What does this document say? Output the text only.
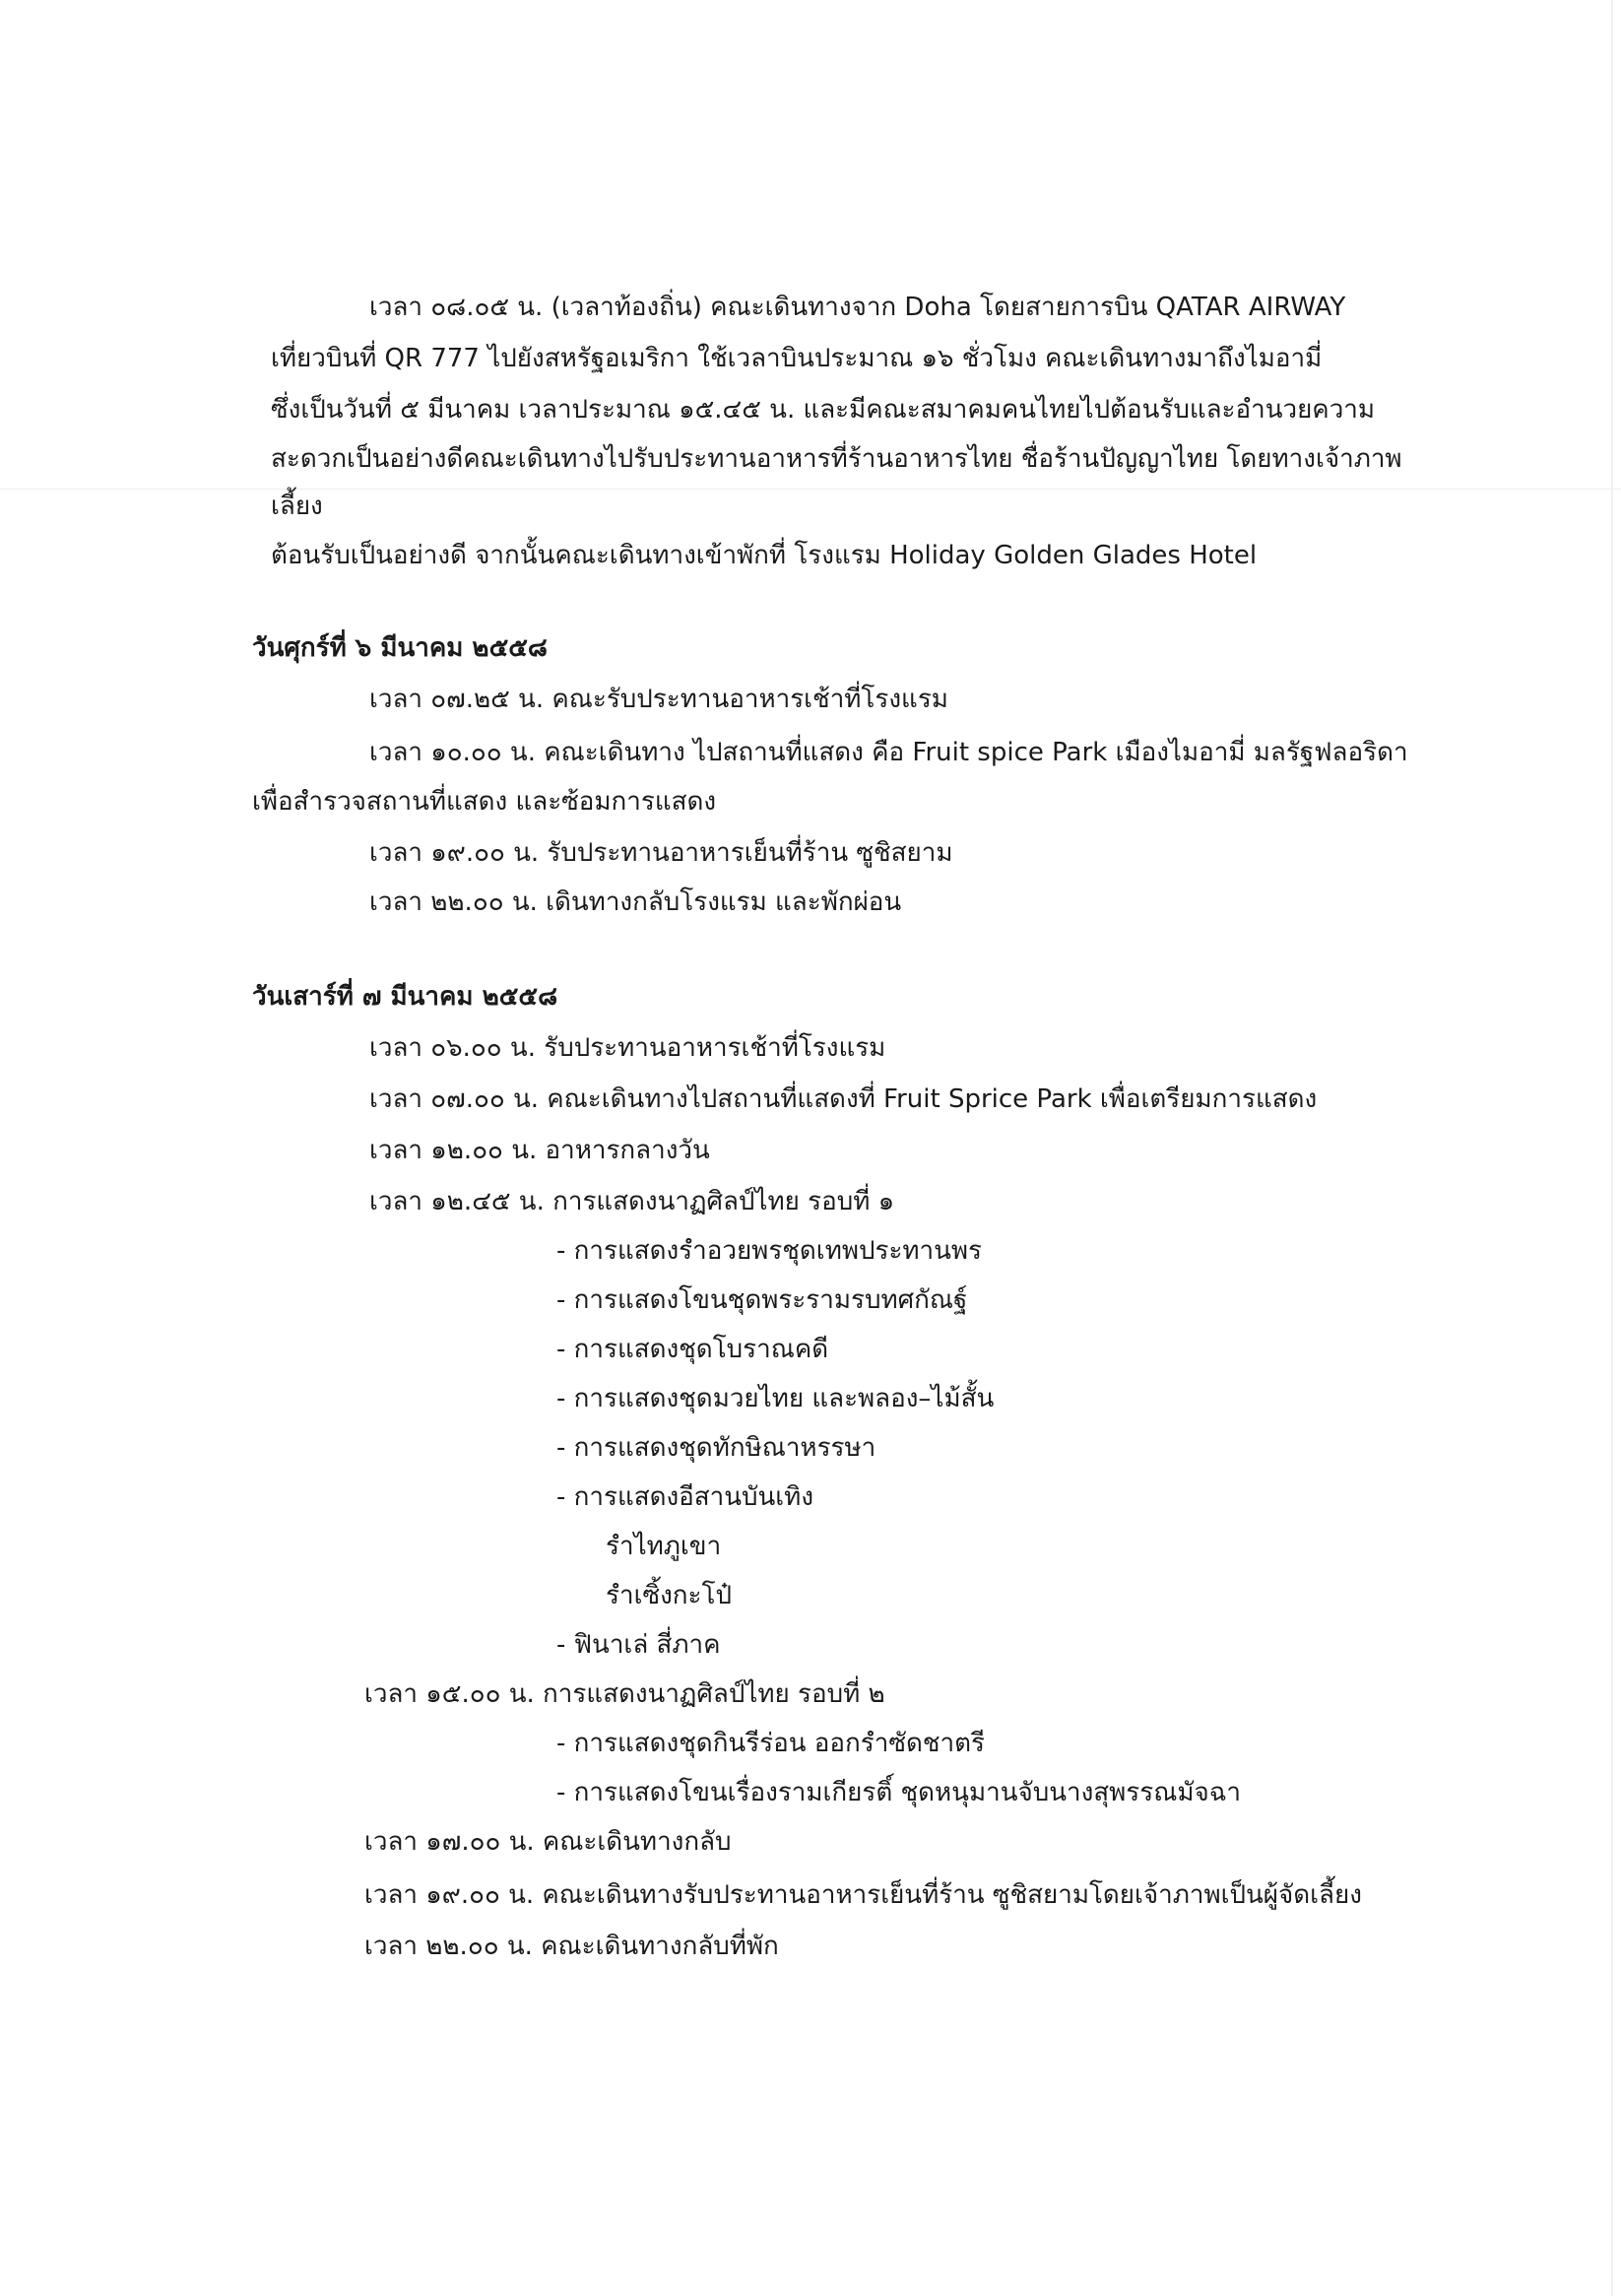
เวลา ๐๘.๐๕ น. (เวลาท้องถิ่น) คณะเดินทางจาก Doha โดยสายการบิน QATAR AIRWAY
เที่ยวบินที่ QR 777 ไปยังสหรัฐอเมริกา ใช้เวลาบินประมาณ ๑๖ ชั่วโมง คณะเดินทางมาถึงไมอามี่
ซึ่งเป็นวันที่ ๕ มีนาคม เวลาประมาณ ๑๕.๔๕ น. และมีคณะสมาคมคนไทยไปต้อนรับและอำนวยความ
สะดวกเป็นอย่างดีคณะเดินทางไปรับประทานอาหารที่ร้านอาหารไทย ชื่อร้านปัญญาไทย โดยทางเจ้าภาพ
เลี้ยง
ต้อนรับเป็นอย่างดี จากนั้นคณะเดินทางเข้าพักที่ โรงแรม Holiday Golden Glades Hotel
วันศุกร์ที่ ๖ มีนาคม ๒๕๕๘
เวลา ๐๗.๒๕ น. คณะรับประทานอาหารเช้าที่โรงแรม
เวลา ๑๐.๐๐ น. คณะเดินทาง ไปสถานที่แสดง คือ Fruit spice Park เมืองไมอามี่ มลรัฐฟลอริดา
เพื่อสำรวจสถานที่แสดง และซ้อมการแสดง
เวลา ๑๙.๐๐ น. รับประทานอาหารเย็นที่ร้าน ซูชิสยาม
เวลา ๒๒.๐๐ น. เดินทางกลับโรงแรม และพักผ่อน
วันเสาร์ที่ ๗ มีนาคม ๒๕๕๘
เวลา ๐๖.๐๐ น. รับประทานอาหารเช้าที่โรงแรม
เวลา ๐๗.๐๐ น. คณะเดินทางไปสถานที่แสดงที่ Fruit Sprice Park เพื่อเตรียมการแสดง
เวลา ๑๒.๐๐ น. อาหารกลางวัน
เวลา ๑๒.๔๕ น. การแสดงนาฏศิลป์ไทย รอบที่ ๑
- การแสดงรำอวยพรชุดเทพประทานพร
- การแสดงโขนชุดพระรามรบทศกัณฐ์
- การแสดงชุดโบราณคดี
- การแสดงชุดมวยไทย และพลอง–ไม้สั้น
- การแสดงชุดทักษิณาหรรษา
- การแสดงอีสานบันเทิง
รำไทภูเขา
รำเซิ้งกะโป๋
- ฟินาเล่ สี่ภาค
เวลา ๑๕.๐๐ น. การแสดงนาฏศิลป์ไทย รอบที่ ๒
- การแสดงชุดกินรีร่อน ออกรำซัดชาตรี
- การแสดงโขนเรื่องรามเกียรติ์ ชุดหนุมานจับนางสุพรรณมัจฉา
เวลา ๑๗.๐๐ น. คณะเดินทางกลับ
เวลา ๑๙.๐๐ น. คณะเดินทางรับประทานอาหารเย็นที่ร้าน ซูชิสยามโดยเจ้าภาพเป็นผู้จัดเลี้ยง
เวลา ๒๒.๐๐ น. คณะเดินทางกลับที่พัก
